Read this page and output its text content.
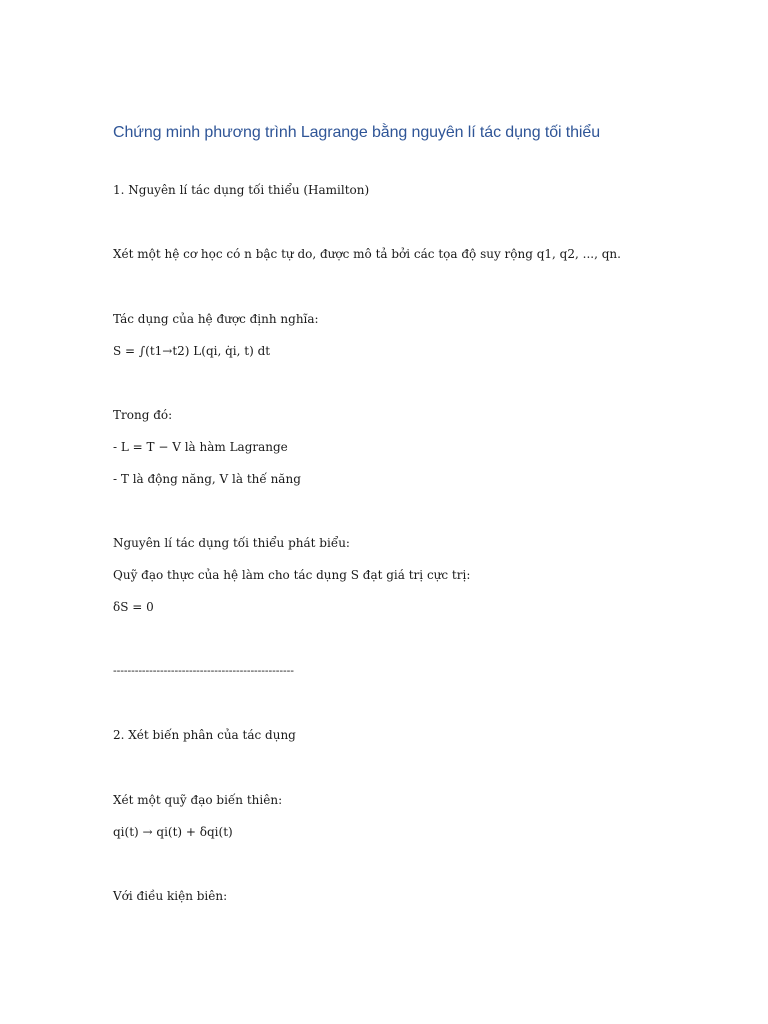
Chứng minh phương trình Lagrange bằng nguyên lí tác dụng tối thiểu
1. Nguyên lí tác dụng tối thiểu (Hamilton)
Xét một hệ cơ học có n bậc tự do, được mô tả bởi các tọa độ suy rộng q1, q2, ..., qn.
Tác dụng của hệ được định nghĩa:
S = ∫(t1→t2) L(qi, q̇i, t) dt
Trong đó:
- L = T − V là hàm Lagrange
- T là động năng, V là thế năng
Nguyên lí tác dụng tối thiểu phát biểu:
Quỹ đạo thực của hệ làm cho tác dụng S đạt giá trị cực trị:
δS = 0
--------------------------------------------------
2. Xét biến phân của tác dụng
Xét một quỹ đạo biến thiên:
qi(t) → qi(t) + δqi(t)
Với điều kiện biên:
